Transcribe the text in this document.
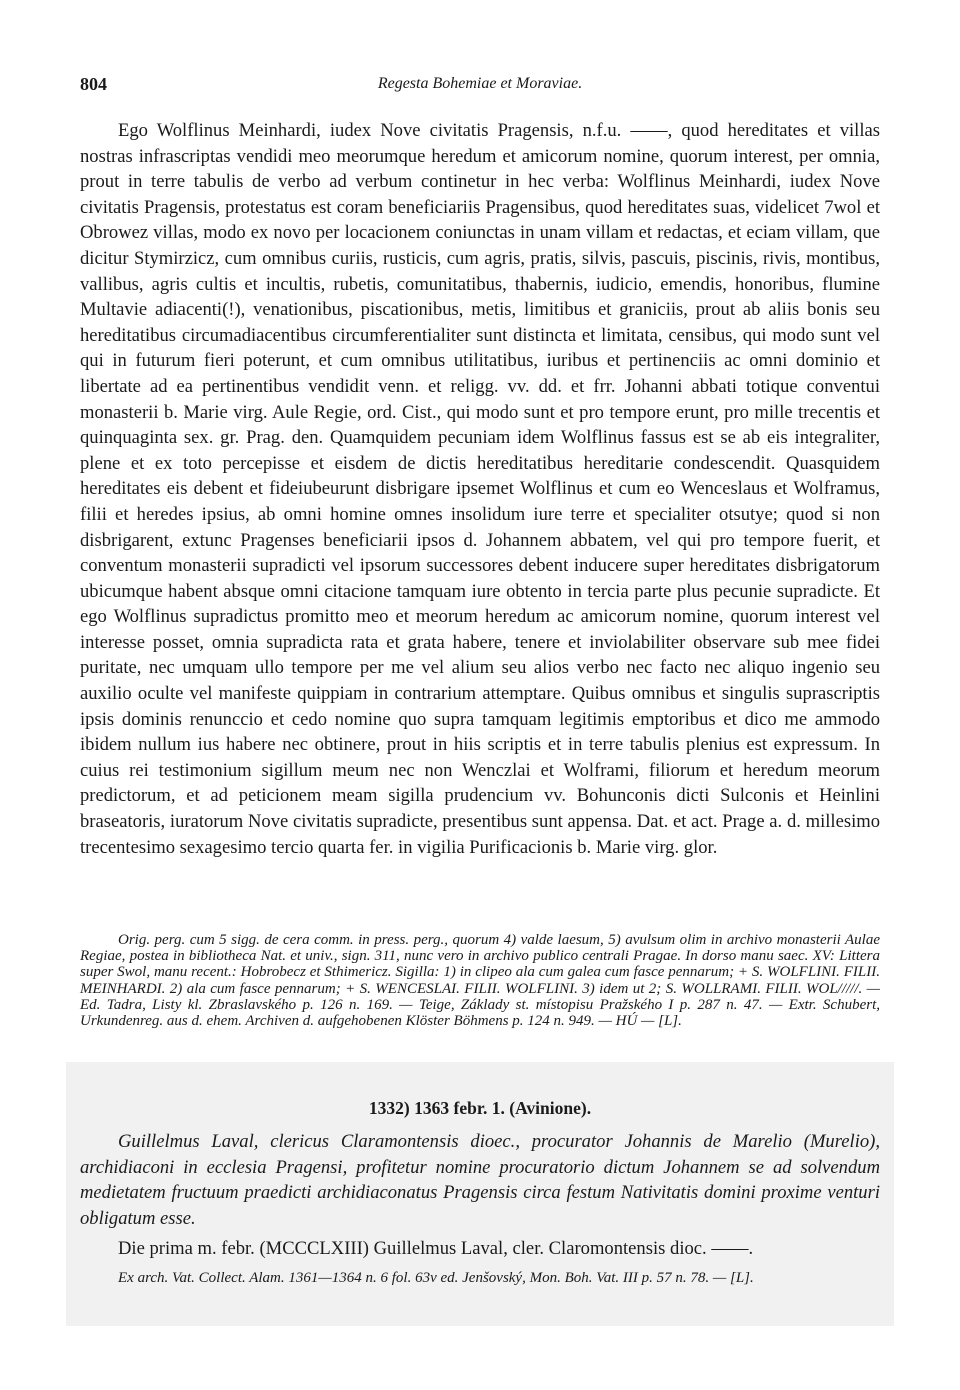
804	Regesta Bohemiae et Moraviae.

Ego Wolflinus Meinhardi, iudex Nove civitatis Pragensis, n.f.u. ——, quod hereditates et villas nostras infrascriptas vendidi meo meorumque heredum et amicorum nomine, quorum interest, per omnia, prout in terre tabulis de verbo ad verbum continetur in hec verba: Wolflinus Meinhardi, iudex Nove civitatis Pragensis, protestatus est coram beneficiariis Pragensibus, quod hereditates suas, videlicet 7wol et Obrowez villas, modo ex novo per locacionem coniunctas in unam villam et redactas, et eciam villam, que dicitur Stymirzicz, cum omnibus curiis, rusticis, cum agris, pratis, silvis, pascuis, piscinis, rivis, montibus, vallibus, agris cultis et incultis, rubetis, comunitatibus, thabernis, iudicio, emendis, honoribus, flumine Multavie adiacenti(!), venationibus, piscationibus, metis, limitibus et graniciis, prout ab aliis bonis seu hereditatibus circumadiacentibus circumferentialiter sunt distincta et limitata, censibus, qui modo sunt vel qui in futurum fieri poterunt, et cum omnibus utilitatibus, iuribus et pertinenciis ac omni dominio et libertate ad ea pertinentibus vendidit venn. et religg. vv. dd. et frr. Johanni abbati totique conventui monasterii b. Marie virg. Aule Regie, ord. Cist., qui modo sunt et pro tempore erunt, pro mille trecentis et quinquaginta sex. gr. Prag. den. Quamquidem pecuniam idem Wolflinus fassus est se ab eis integraliter, plene et ex toto percepisse et eisdem de dictis hereditatibus hereditarie condescendit. Quasquidem hereditates eis debent et fideiubeurunt disbrigare ipsemet Wolflinus et cum eo Wenceslaus et Wolframus, filii et heredes ipsius, ab omni homine omnes insolidum iure terre et specialiter otsutye; quod si non disbrigarent, extunc Pragenses beneficiarii ipsos d. Johannem abbatem, vel qui pro tempore fuerit, et conventum monasterii supradicti vel ipsorum successores debent inducere super hereditates disbrigatorum ubicumque habent absque omni citacione tamquam iure obtento in tercia parte plus pecunie supradicte. Et ego Wolflinus supradictus promitto meo et meorum heredum ac amicorum nomine, quorum interest vel interesse posset, omnia supradicta rata et grata habere, tenere et inviolabiliter observare sub mee fidei puritate, nec umquam ullo tempore per me vel alium seu alios verbo nec facto nec aliquo ingenio seu auxilio oculte vel manifeste quippiam in contrarium attemptare. Quibus omnibus et singulis suprascriptis ipsis dominis renunccio et cedo nomine quo supra tamquam legitimis emptoribus et dico me ammodo ibidem nullum ius habere nec obtinere, prout in hiis scriptis et in terre tabulis plenius est expressum. In cuius rei testimonium sigillum meum nec non Wenczlai et Wolframi, filiorum et heredum meorum predictorum, et ad peticionem meam sigilla prudencium vv. Bohunconis dicti Sulconis et Heinlini braseatoris, iuratorum Nove civitatis supradicte, presentibus sunt appensa. Dat. et act. Prage a. d. millesimo trecentesimo sexagesimo tercio quarta fer. in vigilia Purificacionis b. Marie virg. glor.

Orig. perg. cum 5 sigg. de cera comm. in press. perg., quorum 4) valde laesum, 5) avulsum olim in archivo monasterii Aulae Regiae, postea in bibliotheca Nat. et univ., sign. 311, nunc vero in archivo publico centrali Pragae. In dorso manu saec. XV: Littera super Swol, manu recent.: Hobrobecz et Sthimericz. Sigilla: 1) in clipeo ala cum galea cum fasce pennarum; + S. WOLFLINI. FILII. MEINHARDI. 2) ala cum fasce pennarum; + S. WENCESLAI. FILII. WOLFLINI. 3) idem ut 2; S. WOLLRAMI. FILII. WOL/////. — Ed. Tadra, Listy kl. Zbraslavského p. 126 n. 169. — Teige, Základy st. místopisu Pražského I p. 287 n. 47. — Extr. Schubert, Urkundenreg. aus d. ehem. Archiven d. aufgehobenen Klöster Böhmens p. 124 n. 949. — HÚ — [L].

1332) 1363 febr. 1. (Avinione).

Guillelmus Laval, clericus Claramontensis dioec., procurator Johannis de Marelio (Murelio), archidiaconi in ecclesia Pragensi, profitetur nomine procuratorio dictum Johannem se ad solvendum medietatem fructuum praedicti archidiaconatus Pragensis circa festum Nativitatis domini proxime venturi obligatum esse.

Die prima m. febr. (MCCCLXIII) Guillelmus Laval, cler. Claromontensis dioc. ——.

Ex arch. Vat. Collect. Alam. 1361—1364 n. 6 fol. 63v ed. Jenšovský, Mon. Boh. Vat. III p. 57 n. 78. — [L].
